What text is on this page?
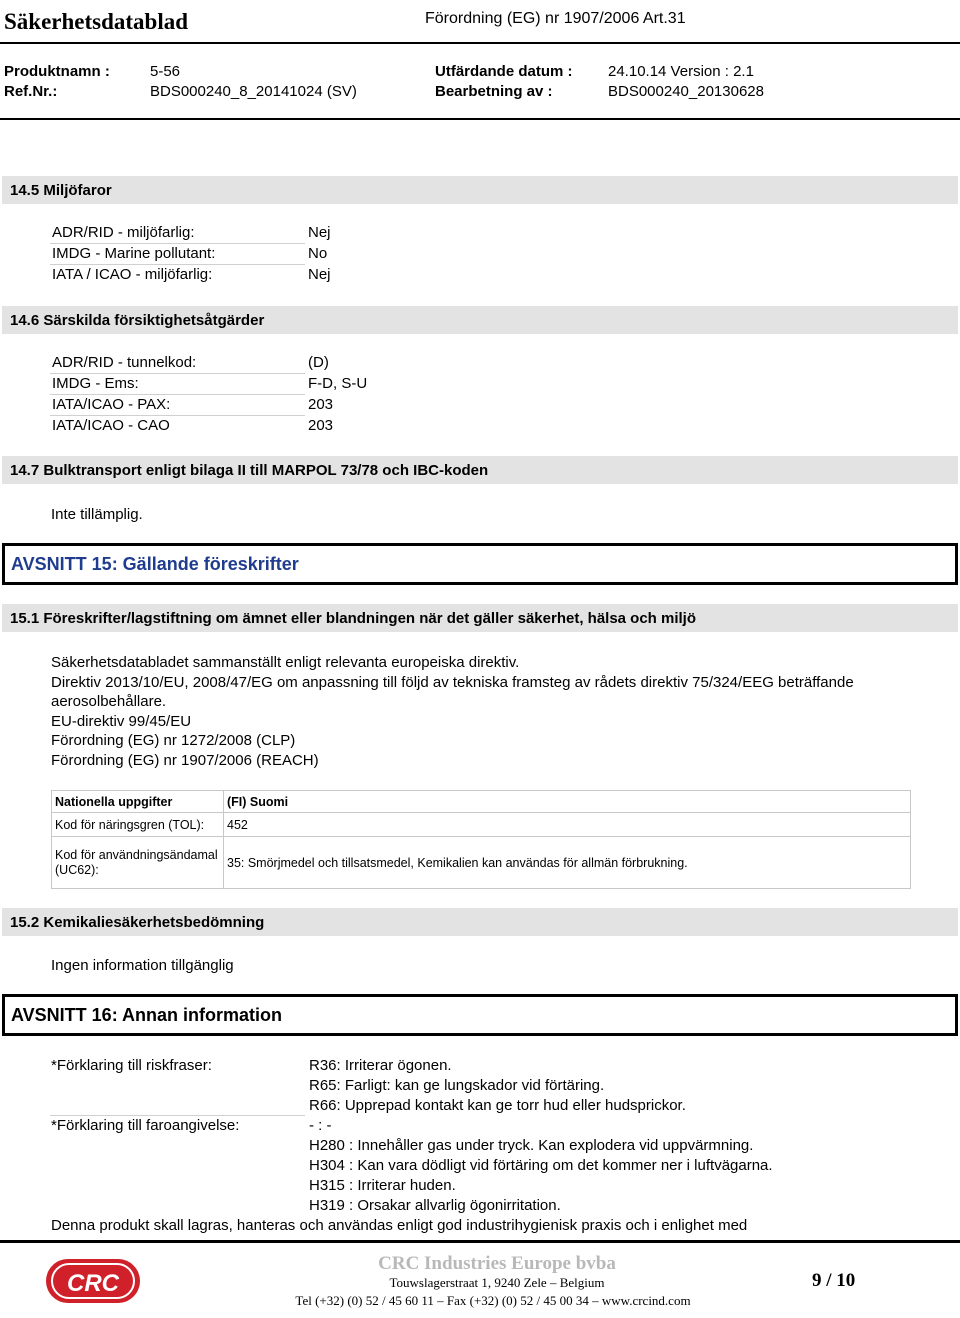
Säkerhetsdatablad	Förordning (EG) nr 1907/2006 Art.31
Produktnamn :	5-56	Utfärdande datum : 24.10.14 Version : 2.1
Ref.Nr.:	BDS000240_8_20141024 (SV)	Bearbetning av :	BDS000240_20130628
14.5 Miljöfaror
ADR/RID - miljöfarlig:	Nej
IMDG - Marine pollutant:	No
IATA / ICAO - miljöfarlig:	Nej
14.6 Särskilda försiktighetsåtgärder
ADR/RID - tunnelkod:	(D)
IMDG - Ems:	F-D, S-U
IATA/ICAO - PAX:	203
IATA/ICAO - CAO	203
14.7 Bulktransport enligt bilaga II till MARPOL 73/78 och IBC-koden
Inte tillämplig.
AVSNITT 15: Gällande föreskrifter
15.1 Föreskrifter/lagstiftning om ämnet eller blandningen när det gäller säkerhet, hälsa och miljö
Säkerhetsdatabladet sammanställt enligt relevanta europeiska direktiv.
Direktiv 2013/10/EU, 2008/47/EG om anpassning till följd av tekniska framsteg av rådets direktiv 75/324/EEG beträffande aerosolbehållare.
EU-direktiv 99/45/EU
Förordning (EG) nr 1272/2008 (CLP)
Förordning (EG) nr 1907/2006 (REACH)
Nationella uppgifter	(FI) Suomi
Kod för näringsgren (TOL):	452
Kod för användningsändamal (UC62):	35: Smörjmedel och tillsatsmedel, Kemikalien kan användas för allmän förbrukning.
15.2 Kemikaliesäkerhetsbedömning
Ingen information tillgänglig
AVSNITT 16: Annan information
*Förklaring till riskfraser:	R36: Irriterar ögonen.
R65: Farligt: kan ge lungskador vid förtäring.
R66: Upprepad kontakt kan ge torr hud eller hudsprickor.
*Förklaring till faroangivelse:	- : -
H280 : Innehåller gas under tryck. Kan explodera vid uppvärmning.
H304 : Kan vara dödligt vid förtäring om det kommer ner i luftvägarna.
H315 : Irriterar huden.
H319 : Orsakar allvarlig ögonirritation.
Denna produkt skall lagras, hanteras och användas enligt god industrihygienisk praxis och i enlighet med
CRC
CRC Industries Europe bvba
Touwslagerstraat 1, 9240 Zele – Belgium
Tel (+32) (0) 52 / 45 60 11 – Fax (+32) (0) 52 / 45 00 34 – www.crcind.com
9 / 10
